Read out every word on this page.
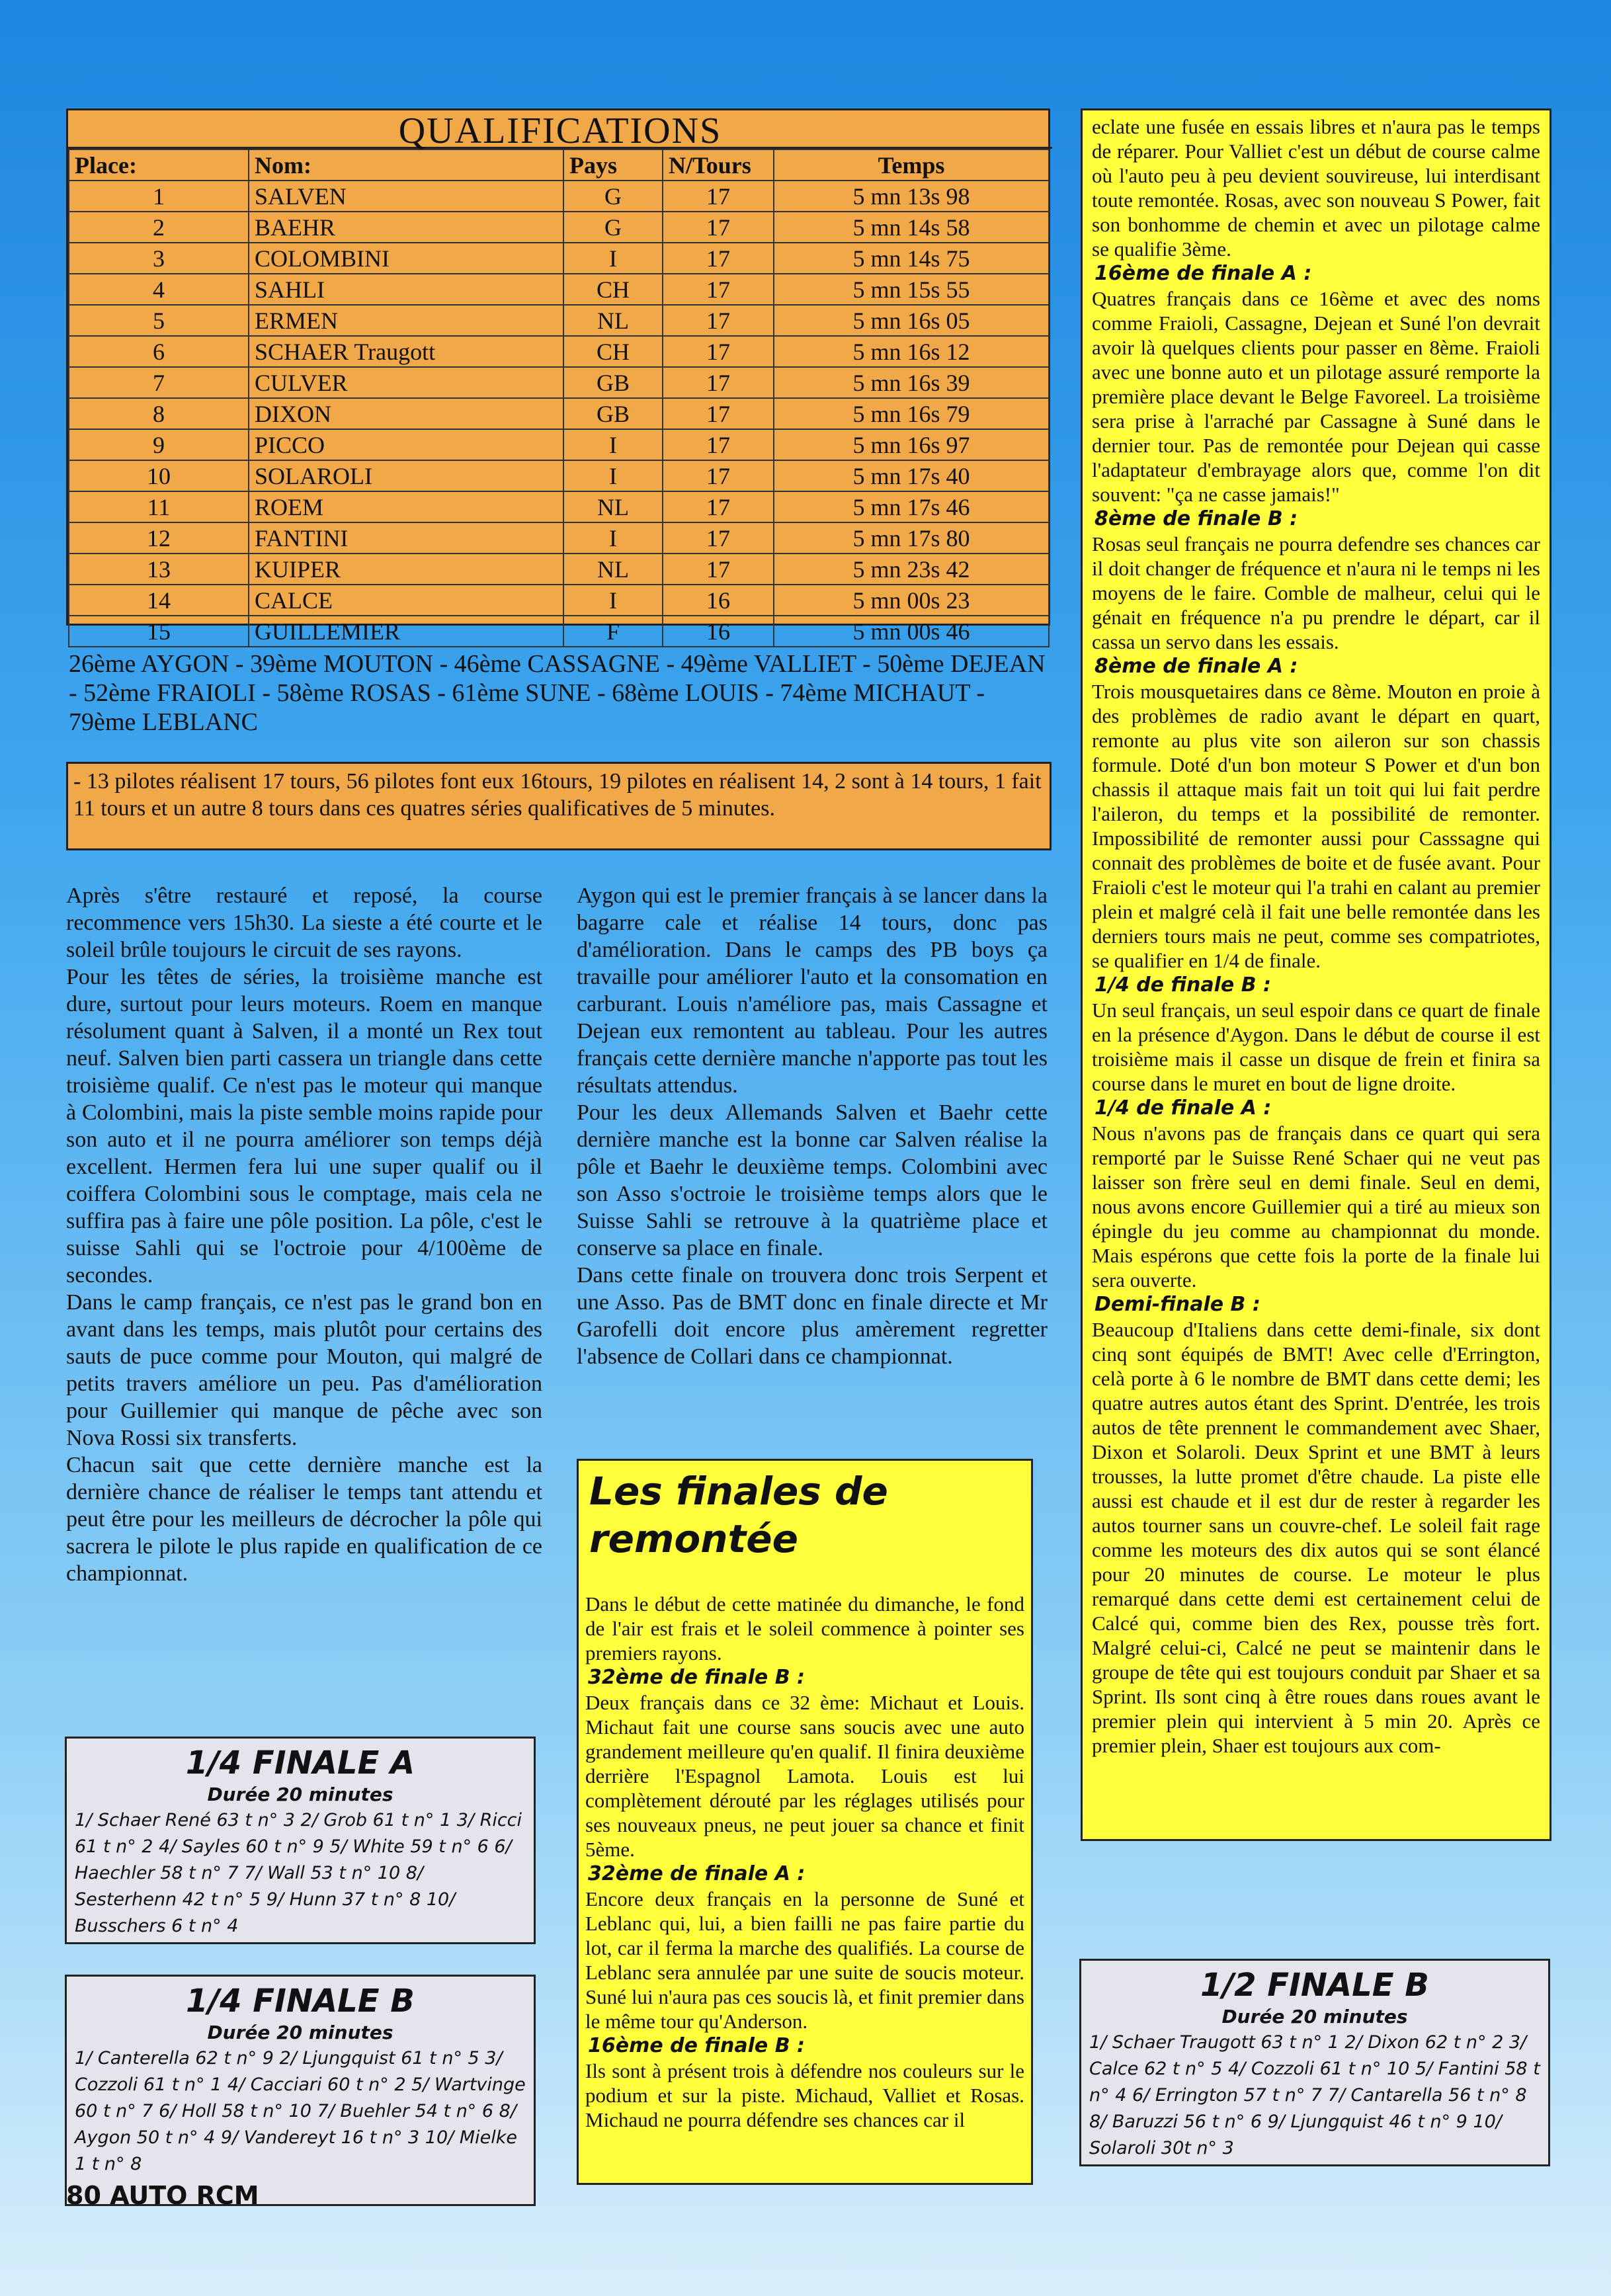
QUALIFICATIONS
Place:	Nom:	Pays	N/Tours	Temps
1	SALVEN	G	17	5 mn 13s 98
2	BAEHR	G	17	5 mn 14s 58
3	COLOMBINI	I	17	5 mn 14s 75
4	SAHLI	CH	17	5 mn 15s 55
5	ERMEN	NL	17	5 mn 16s 05
6	SCHAER Traugott	CH	17	5 mn 16s 12
7	CULVER	GB	17	5 mn 16s 39
8	DIXON	GB	17	5 mn 16s 79
9	PICCO	I	17	5 mn 16s 97
10	SOLAROLI	I	17	5 mn 17s 40
11	ROEM	NL	17	5 mn 17s 46
12	FANTINI	I	17	5 mn 17s 80
13	KUIPER	NL	17	5 mn 23s 42
14	CALCE	I	16	5 mn 00s 23
15	GUILLEMIER	F	16	5 mn 00s 46
26ème AYGON - 39ème MOUTON - 46ème CASSAGNE - 49ème VALLIET - 50ème DEJEAN - 52ème FRAIOLI - 58ème ROSAS - 61ème SUNE - 68ème LOUIS - 74ème MICHAUT - 79ème LEBLANC
- 13 pilotes réalisent 17 tours, 56 pilotes font eux 16tours, 19 pilotes en réalisent 14, 2 sont à 14 tours, 1 fait 11 tours et un autre 8 tours dans ces quatres séries qualificatives de 5 minutes.

Après s'être restauré et reposé, la course recommence vers 15h30. La sieste a été courte et le soleil brûle toujours le circuit de ses rayons.

Pour les têtes de séries, la troisième manche est dure, surtout pour leurs moteurs. Roem en manque résolument quant à Salven, il a monté un Rex tout neuf. Salven bien parti cassera un triangle dans cette troisième qualif. Ce n'est pas le moteur qui manque à Colombini, mais la piste semble moins rapide pour son auto et il ne pourra améliorer son temps déjà excellent. Hermen fera lui une super qualif ou il coiffera Colombini sous le comptage, mais cela ne suffira pas à faire une pôle position. La pôle, c'est le suisse Sahli qui se l'octroie pour 4/100ème de secondes.

Dans le camp français, ce n'est pas le grand bon en avant dans les temps, mais plutôt pour certains des sauts de puce comme pour Mouton, qui malgré de petits travers améliore un peu. Pas d'amélioration pour Guillemier qui manque de pêche avec son Nova Rossi six transferts.

Chacun sait que cette dernière manche est la dernière chance de réaliser le temps tant attendu et peut être pour les meilleurs de décrocher la pôle qui sacrera le pilote le plus rapide en qualification de ce championnat.

Aygon qui est le premier français à se lancer dans la bagarre cale et réalise 14 tours, donc pas d'amélioration. Dans le camps des PB boys ça travaille pour améliorer l'auto et la consomation en carburant. Louis n'améliore pas, mais Cassagne et Dejean eux remontent au tableau. Pour les autres français cette dernière manche n'apporte pas tout les résultats attendus.

Pour les deux Allemands Salven et Baehr cette dernière manche est la bonne car Salven réalise la pôle et Baehr le deuxième temps. Colombini avec son Asso s'octroie le troisième temps alors que le Suisse Sahli se retrouve à la quatrième place et conserve sa place en finale.

Dans cette finale on trouvera donc trois Serpent et une Asso. Pas de BMT donc en finale directe et Mr Garofelli doit encore plus amèrement regretter l'absence de Collari dans ce championnat.

Les finales de remontée

Dans le début de cette matinée du dimanche, le fond de l'air est frais et le soleil commence à pointer ses premiers rayons.

32ème de finale B :

Deux français dans ce 32 ème: Michaut et Louis. Michaut fait une course sans soucis avec une auto grandement meilleure qu'en qualif. Il finira deuxième derrière l'Espagnol Lamota. Louis est lui complètement dérouté par les réglages utilisés pour ses nouveaux pneus, ne peut jouer sa chance et finit 5ème.

32ème de finale A :

Encore deux français en la personne de Suné et Leblanc qui, lui, a bien failli ne pas faire partie du lot, car il ferma la marche des qualifiés. La course de Leblanc sera annulée par une suite de soucis moteur. Suné lui n'aura pas ces soucis là, et finit premier dans le même tour qu'Anderson.

16ème de finale B :

Ils sont à présent trois à défendre nos couleurs sur le podium et sur la piste. Michaud, Valliet et Rosas. Michaud ne pourra défendre ses chances car il

eclate une fusée en essais libres et n'aura pas le temps de réparer. Pour Valliet c'est un début de course calme où l'auto peu à peu devient souvireuse, lui interdisant toute remontée. Rosas, avec son nouveau S Power, fait son bonhomme de chemin et avec un pilotage calme se qualifie 3ème.

16ème de finale A :

Quatres français dans ce 16ème et avec des noms comme Fraioli, Cassagne, Dejean et Suné l'on devrait avoir là quelques clients pour passer en 8ème. Fraioli avec une bonne auto et un pilotage assuré remporte la première place devant le Belge Favoreel. La troisième sera prise à l'arraché par Cassagne à Suné dans le dernier tour. Pas de remontée pour Dejean qui casse l'adaptateur d'embrayage alors que, comme l'on dit souvent: "ça ne casse jamais!"

8ème de finale B :

Rosas seul français ne pourra defendre ses chances car il doit changer de fréquence et n'aura ni le temps ni les moyens de le faire. Comble de malheur, celui qui le génait en fréquence n'a pu prendre le départ, car il cassa un servo dans les essais.

8ème de finale A :

Trois mousquetaires dans ce 8ème. Mouton en proie à des problèmes de radio avant le départ en quart, remonte au plus vite son aileron sur son chassis formule. Doté d'un bon moteur S Power et d'un bon chassis il attaque mais fait un toit qui lui fait perdre l'aileron, du temps et la possibilité de remonter. Impossibilité de remonter aussi pour Casssagne qui connait des problèmes de boite et de fusée avant. Pour Fraioli c'est le moteur qui l'a trahi en calant au premier plein et malgré celà il fait une belle remontée dans les derniers tours mais ne peut, comme ses compatriotes, se qualifier en 1/4 de finale.

1/4 de finale B :

Un seul français, un seul espoir dans ce quart de finale en la présence d'Aygon. Dans le début de course il est troisième mais il casse un disque de frein et finira sa course dans le muret en bout de ligne droite.

1/4 de finale A :

Nous n'avons pas de français dans ce quart qui sera remporté par le Suisse René Schaer qui ne veut pas laisser son frère seul en demi finale. Seul en demi, nous avons encore Guillemier qui a tiré au mieux son épingle du jeu comme au championnat du monde. Mais espérons que cette fois la porte de la finale lui sera ouverte.

Demi-finale B :

Beaucoup d'Italiens dans cette demi-finale, six dont cinq sont équipés de BMT! Avec celle d'Errington, celà porte à 6 le nombre de BMT dans cette demi; les quatre autres autos étant des Sprint. D'entrée, les trois autos de tête prennent le commandement avec Shaer, Dixon et Solaroli. Deux Sprint et une BMT à leurs trousses, la lutte promet d'être chaude. La piste elle aussi est chaude et il est dur de rester à regarder les autos tourner sans un couvre-chef. Le soleil fait rage comme les moteurs des dix autos qui se sont élancé pour 20 minutes de course. Le moteur le plus remarqué dans cette demi est certainement celui de Calcé qui, comme bien des Rex, pousse très fort. Malgré celui-ci, Calcé ne peut se maintenir dans le groupe de tête qui est toujours conduit par Shaer et sa Sprint. Ils sont cinq à être roues dans roues avant le premier plein qui intervient à 5 min 20. Après ce premier plein, Shaer est toujours aux com-

1/4 FINALE A
Durée 20 minutes
1/ Schaer René 63 t n° 3 2/ Grob 61 t n° 1 3/ Ricci 61 t n° 2 4/ Sayles 60 t n° 9 5/ White 59 t n° 6 6/ Haechler 58 t n° 7 7/ Wall 53 t n° 10 8/ Sesterhenn 42 t n° 5 9/ Hunn 37 t n° 8 10/ Busschers 6 t n° 4
1/4 FINALE B
Durée 20 minutes
1/ Canterella 62 t n° 9 2/ Ljungquist 61 t n° 5 3/ Cozzoli 61 t n° 1 4/ Cacciari 60 t n° 2 5/ Wartvinge 60 t n° 7 6/ Holl 58 t n° 10 7/ Buehler 54 t n° 6 8/ Aygon 50 t n° 4 9/ Vandereyt 16 t n° 3 10/ Mielke 1 t n° 8
1/2 FINALE B
Durée 20 minutes
1/ Schaer Traugott 63 t n° 1 2/ Dixon 62 t n° 2 3/ Calce 62 t n° 5 4/ Cozzoli 61 t n° 10 5/ Fantini 58 t n° 4 6/ Errington 57 t n° 7 7/ Cantarella 56 t n° 8 8/ Baruzzi 56 t n° 6 9/ Ljungquist 46 t n° 9 10/ Solaroli 30t n° 3
80 AUTO RCM
